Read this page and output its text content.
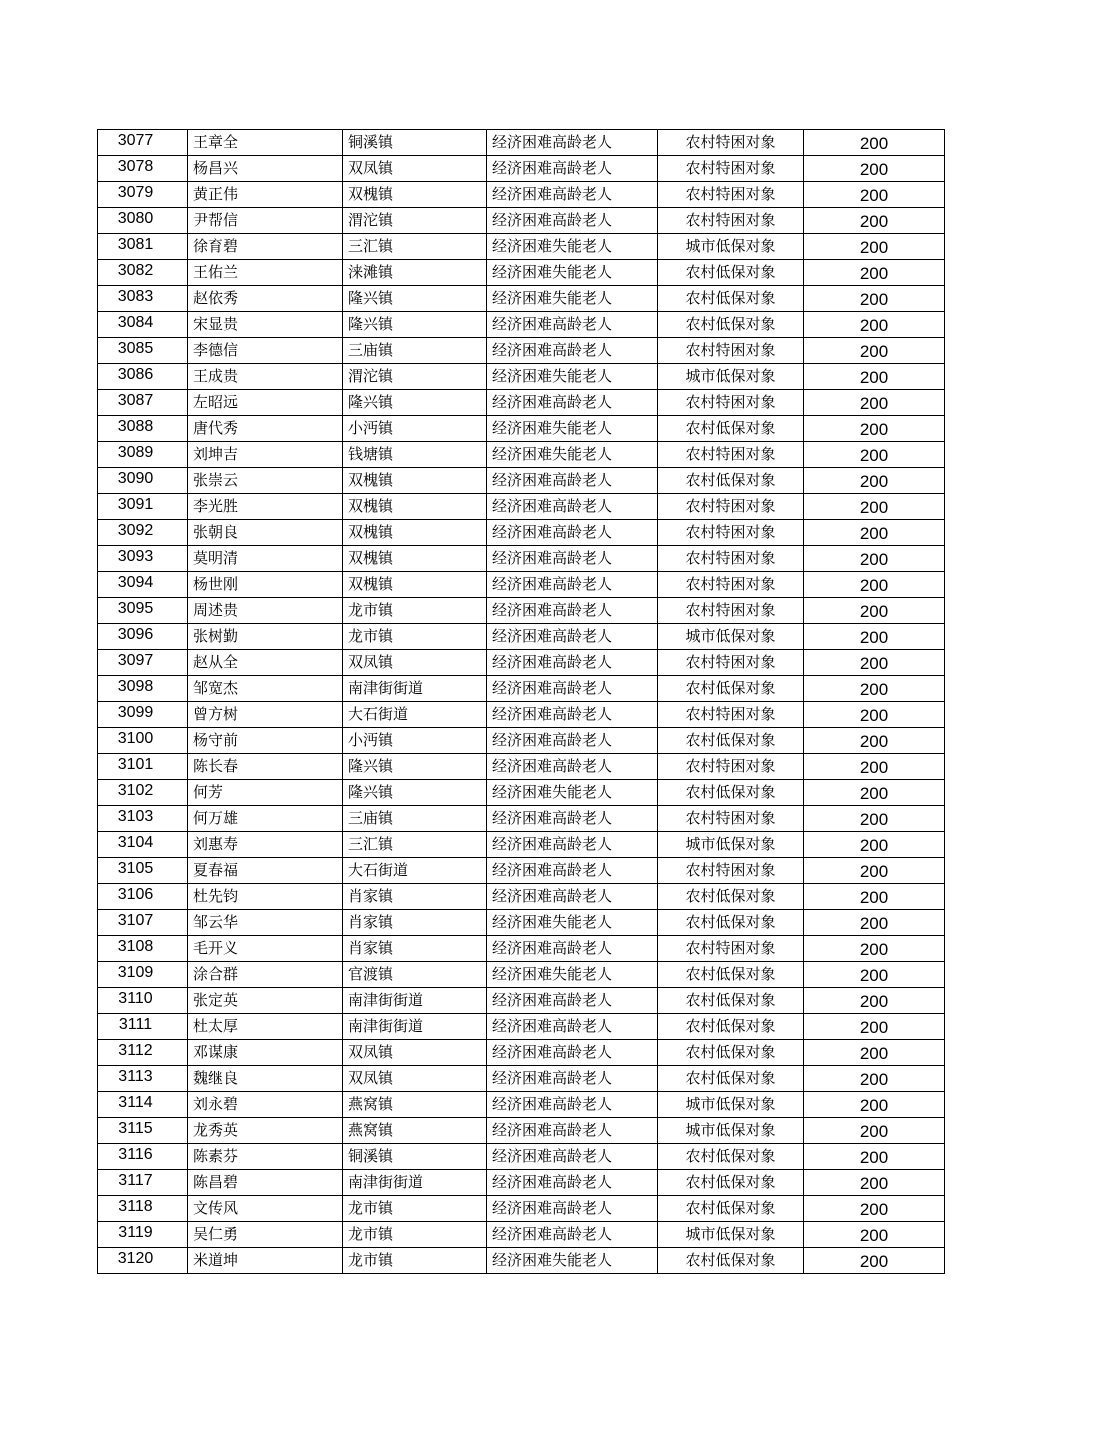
3077	王章全	铜溪镇	经济困难高龄老人	农村特困对象	200
3078	杨昌兴	双凤镇	经济困难高龄老人	农村特困对象	200
3079	黄正伟	双槐镇	经济困难高龄老人	农村特困对象	200
3080	尹帮信	渭沱镇	经济困难高龄老人	农村特困对象	200
3081	徐育碧	三汇镇	经济困难失能老人	城市低保对象	200
3082	王佑兰	涞滩镇	经济困难失能老人	农村低保对象	200
3083	赵依秀	隆兴镇	经济困难失能老人	农村低保对象	200
3084	宋显贵	隆兴镇	经济困难高龄老人	农村低保对象	200
3085	李德信	三庙镇	经济困难高龄老人	农村特困对象	200
3086	王成贵	渭沱镇	经济困难失能老人	城市低保对象	200
3087	左昭远	隆兴镇	经济困难高龄老人	农村特困对象	200
3088	唐代秀	小沔镇	经济困难失能老人	农村低保对象	200
3089	刘坤吉	钱塘镇	经济困难失能老人	农村特困对象	200
3090	张崇云	双槐镇	经济困难高龄老人	农村低保对象	200
3091	李光胜	双槐镇	经济困难高龄老人	农村特困对象	200
3092	张朝良	双槐镇	经济困难高龄老人	农村特困对象	200
3093	莫明清	双槐镇	经济困难高龄老人	农村特困对象	200
3094	杨世刚	双槐镇	经济困难高龄老人	农村特困对象	200
3095	周述贵	龙市镇	经济困难高龄老人	农村特困对象	200
3096	张树勤	龙市镇	经济困难高龄老人	城市低保对象	200
3097	赵从全	双凤镇	经济困难高龄老人	农村特困对象	200
3098	邹宽杰	南津街街道	经济困难高龄老人	农村低保对象	200
3099	曾方树	大石街道	经济困难高龄老人	农村特困对象	200
3100	杨守前	小沔镇	经济困难高龄老人	农村低保对象	200
3101	陈长春	隆兴镇	经济困难高龄老人	农村特困对象	200
3102	何芳	隆兴镇	经济困难失能老人	农村低保对象	200
3103	何万雄	三庙镇	经济困难高龄老人	农村特困对象	200
3104	刘惠寿	三汇镇	经济困难高龄老人	城市低保对象	200
3105	夏春福	大石街道	经济困难高龄老人	农村特困对象	200
3106	杜先钧	肖家镇	经济困难高龄老人	农村低保对象	200
3107	邹云华	肖家镇	经济困难失能老人	农村低保对象	200
3108	毛开义	肖家镇	经济困难高龄老人	农村特困对象	200
3109	涂合群	官渡镇	经济困难失能老人	农村低保对象	200
3110	张定英	南津街街道	经济困难高龄老人	农村低保对象	200
3111	杜太厚	南津街街道	经济困难高龄老人	农村低保对象	200
3112	邓谋康	双凤镇	经济困难高龄老人	农村低保对象	200
3113	魏继良	双凤镇	经济困难高龄老人	农村低保对象	200
3114	刘永碧	燕窝镇	经济困难高龄老人	城市低保对象	200
3115	龙秀英	燕窝镇	经济困难高龄老人	城市低保对象	200
3116	陈素芬	铜溪镇	经济困难高龄老人	农村低保对象	200
3117	陈昌碧	南津街街道	经济困难高龄老人	农村低保对象	200
3118	文传风	龙市镇	经济困难高龄老人	农村低保对象	200
3119	吴仁勇	龙市镇	经济困难高龄老人	城市低保对象	200
3120	米道坤	龙市镇	经济困难失能老人	农村低保对象	200
